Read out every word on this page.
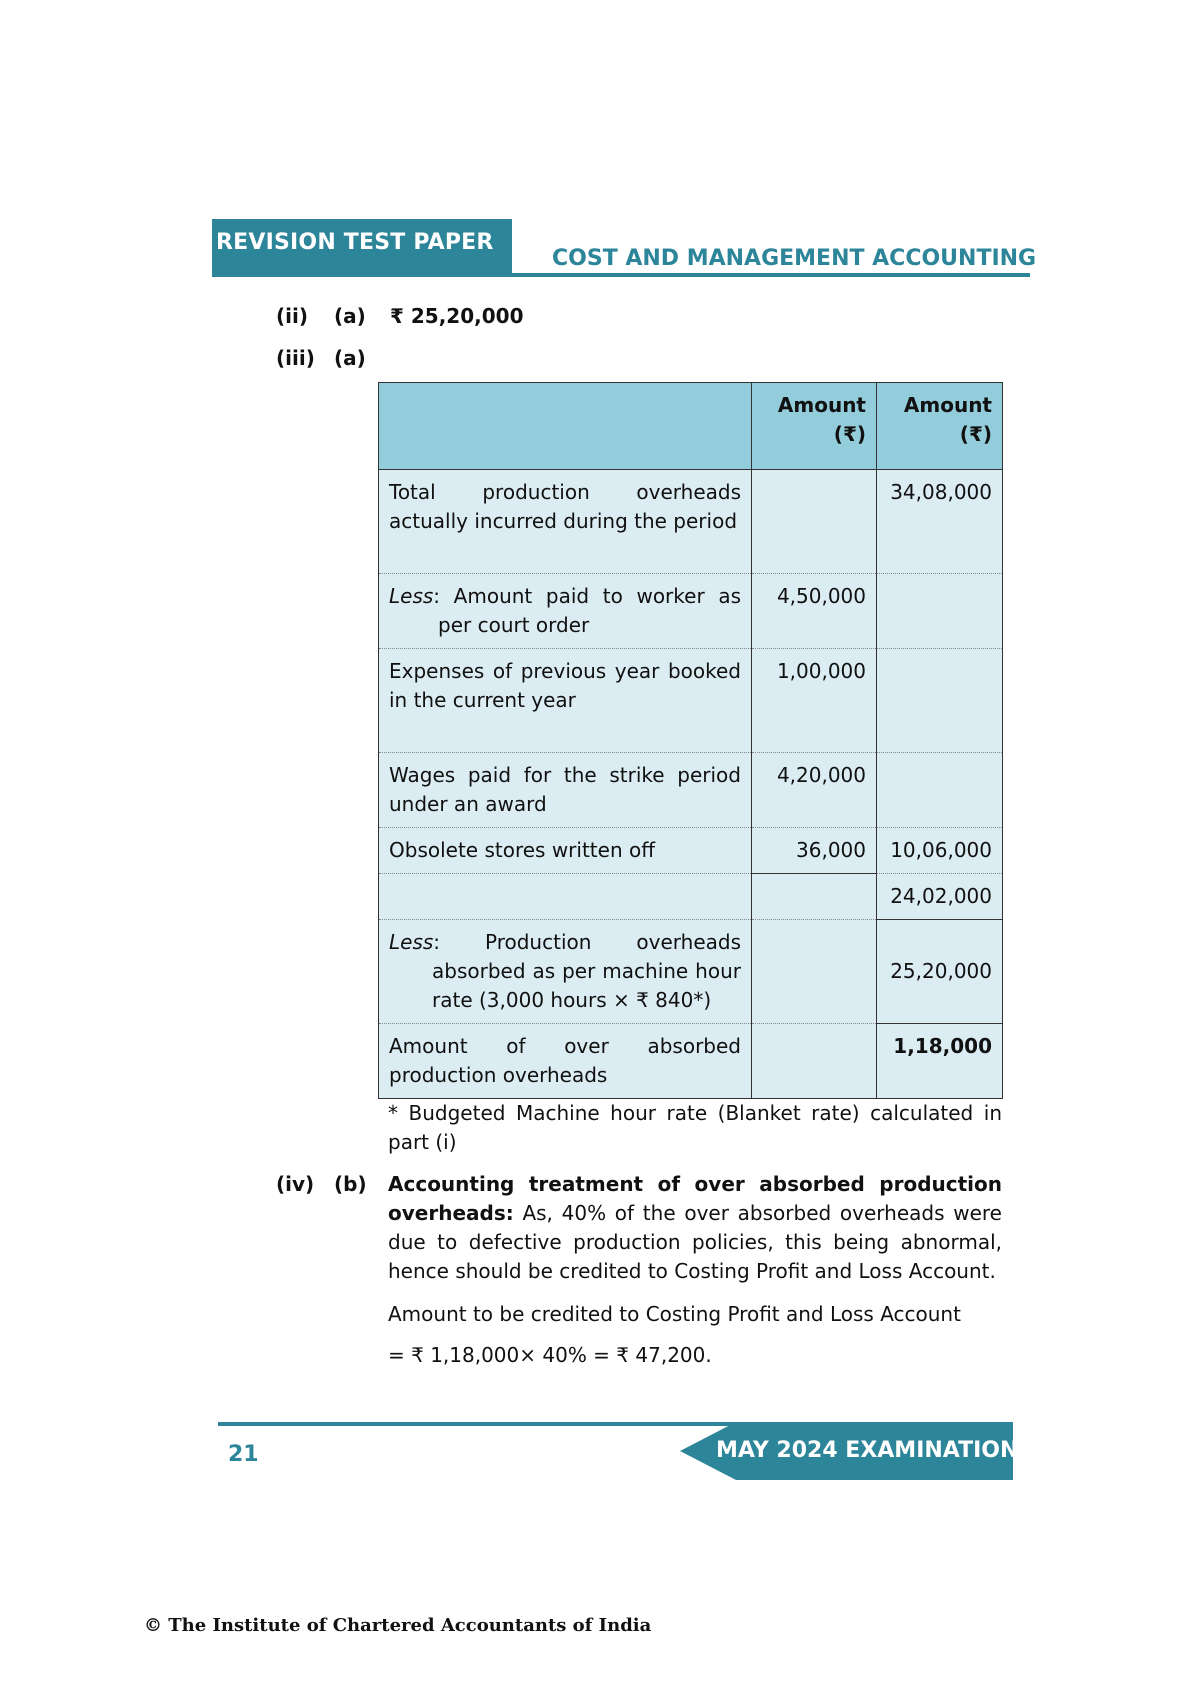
REVISION TEST PAPER
COST AND MANAGEMENT ACCOUNTING
(ii) (a) ₹ 25,20,000
(iii) (a)
	Amount
(₹)	Amount
(₹)
Total production overheads actually incurred during the period		34,08,000

Less: Amount paid to worker as
per court order	4,50,000	
Expenses of previous year booked in the current year	1,00,000	
Wages paid for the strike period under an award	4,20,000	
Obsolete stores written off	36,000	10,06,000
		24,02,000

Less: Production overheads
absorbed as per machine hour rate (3,000 hours × ₹ 840*)		25,20,000
Amount of over absorbed production overheads		1,18,000
* Budgeted Machine hour rate (Blanket rate) calculated in part (i)
(iv) (b) Accounting treatment of over absorbed production overheads: As, 40% of the over absorbed overheads were due to defective production policies, this being abnormal, hence should be credited to Costing Profit and Loss Account.
Amount to be credited to Costing Profit and Loss Account
= ₹ 1,18,000× 40% = ₹ 47,200.
MAY 2024 EXAMINATION
21
© The Institute of Chartered Accountants of India
